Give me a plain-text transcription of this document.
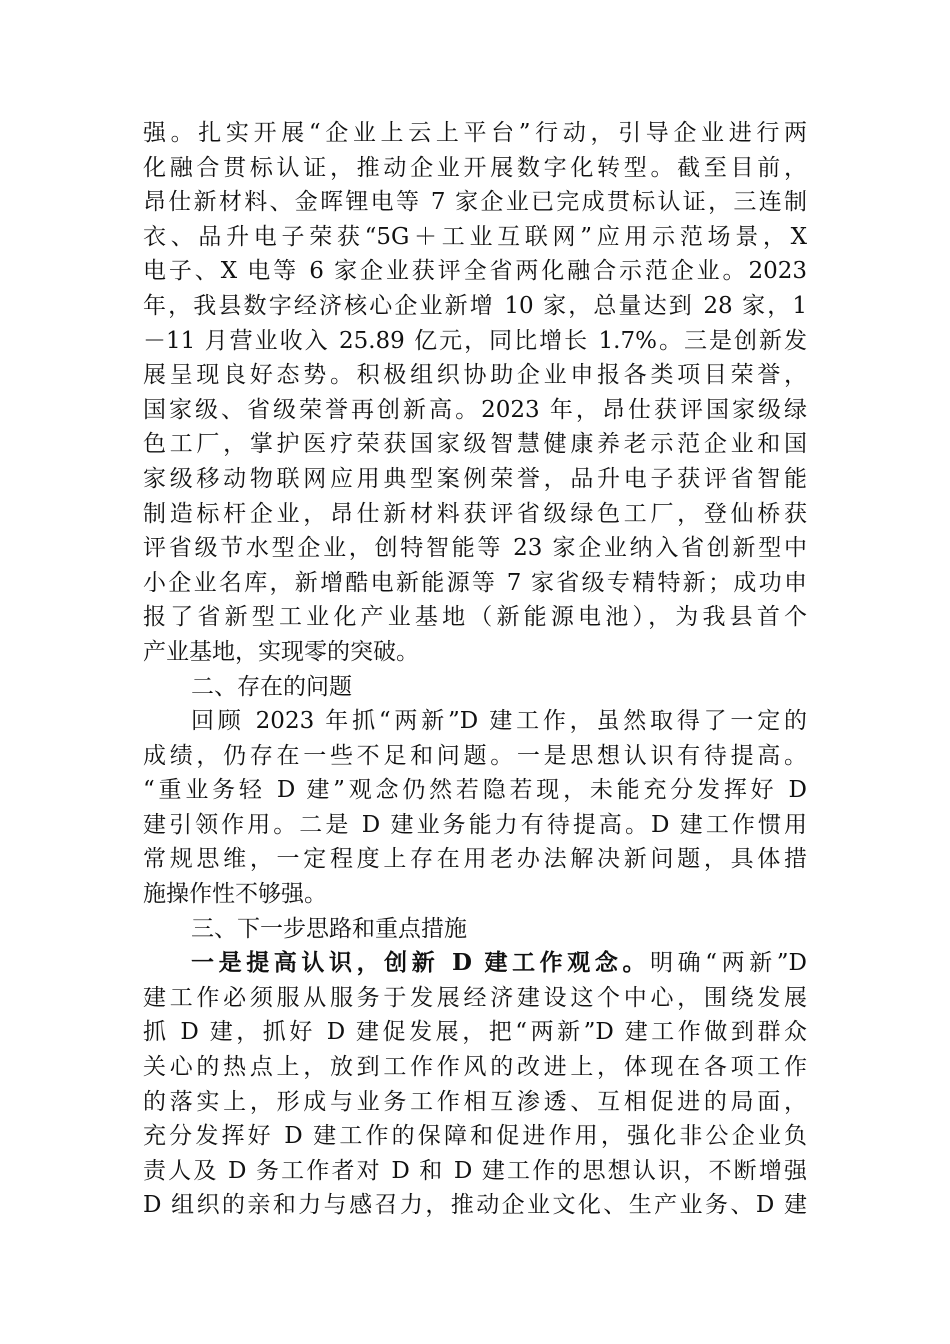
强。扎实开展“企业上云上平台”行动，引导企业进行两
化融合贯标认证，推动企业开展数字化转型。截至目前，
昂仕新材料、金晖锂电等 7 家企业已完成贯标认证，三连制
衣、品升电子荣获“5G＋工业互联网”应用示范场景，X
电子、X 电等 6 家企业获评全省两化融合示范企业。2023
年，我县数字经济核心企业新增 10 家，总量达到 28 家，1
－11 月营业收入 25.89 亿元，同比增长 1.7%。三是创新发
展呈现良好态势。积极组织协助企业申报各类项目荣誉，
国家级、省级荣誉再创新高。2023 年，昂仕获评国家级绿
色工厂，掌护医疗荣获国家级智慧健康养老示范企业和国
家级移动物联网应用典型案例荣誉，品升电子获评省智能
制造标杆企业，昂仕新材料获评省级绿色工厂，登仙桥获
评省级节水型企业，创特智能等 23 家企业纳入省创新型中
小企业名库，新增酷电新能源等 7 家省级专精特新；成功申
报了省新型工业化产业基地（新能源电池），为我县首个
产业基地，实现零的突破。
二、存在的问题
回顾 2023 年抓“两新”D 建工作，虽然取得了一定的
成绩，仍存在一些不足和问题。一是思想认识有待提高。
“重业务轻 D 建”观念仍然若隐若现，未能充分发挥好 D
建引领作用。二是 D 建业务能力有待提高。D 建工作惯用
常规思维，一定程度上存在用老办法解决新问题，具体措
施操作性不够强。
三、下一步思路和重点措施
一是提高认识，创新 D 建工作观念。明确“两新”D
建工作必须服从服务于发展经济建设这个中心，围绕发展
抓 D 建，抓好 D 建促发展，把“两新”D 建工作做到群众
关心的热点上，放到工作作风的改进上，体现在各项工作
的落实上，形成与业务工作相互渗透、互相促进的局面，
充分发挥好 D 建工作的保障和促进作用，强化非公企业负
责人及 D 务工作者对 D 和 D 建工作的思想认识，不断增强
D 组织的亲和力与感召力，推动企业文化、生产业务、D 建
